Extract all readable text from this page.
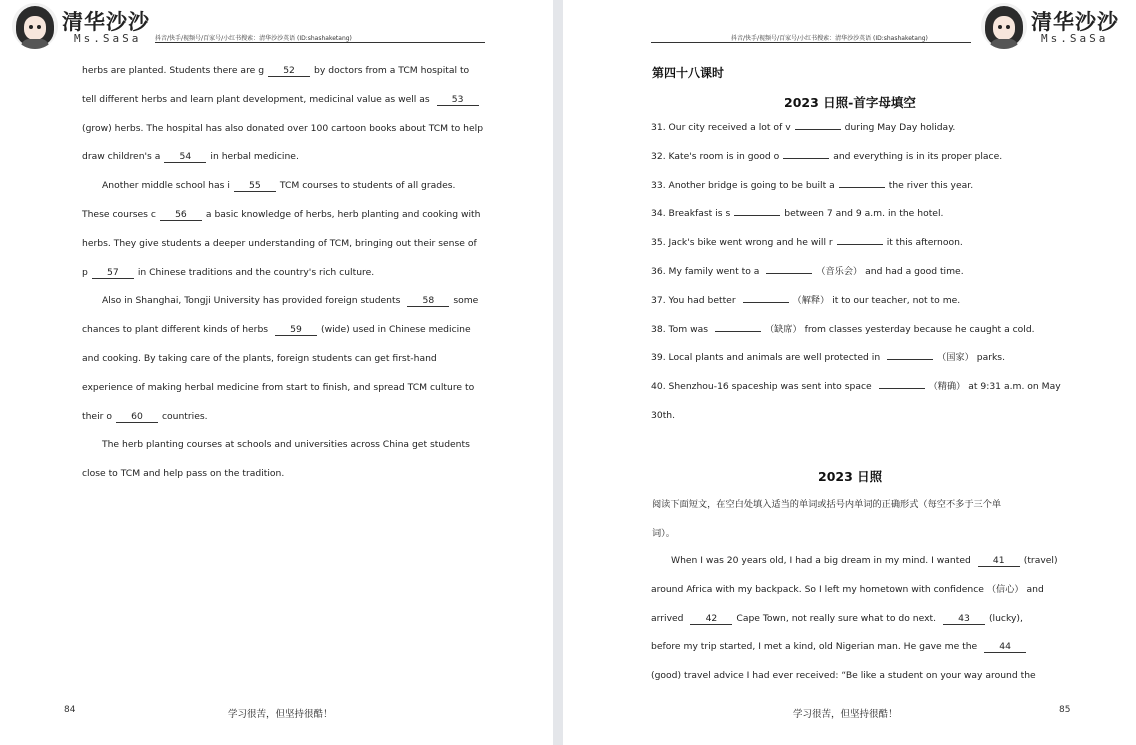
清华沙沙
Ms.SaSa 抖音/快手/视频号/百家号/小红书搜索：清华沙沙英语 (ID:shashaketang)
herbs are planted. Students there are g 52 by doctors from a TCM hospital to
tell different herbs and learn plant development, medicinal value as well as 53
(grow) herbs. The hospital has also donated over 100 cartoon books about TCM to help
draw children's a 54 in herbal medicine.
Another middle school has i 55 TCM courses to students of all grades.
These courses c 56 a basic knowledge of herbs, herb planting and cooking with
herbs. They give students a deeper understanding of TCM, bringing out their sense of
p 57 in Chinese traditions and the country's rich culture.
Also in Shanghai, Tongji University has provided foreign students 58 some
chances to plant different kinds of herbs 59 (wide) used in Chinese medicine
and cooking. By taking care of the plants, foreign students can get first-hand
experience of making herbal medicine from start to finish, and spread TCM culture to
their o 60 countries.
The herb planting courses at schools and universities across China get students
close to TCM and help pass on the tradition.
84	学习很苦，但坚持很酷！
抖音/快手/视频号/百家号/小红书搜索：清华沙沙英语 (ID:shashaketang)
清华沙沙
Ms.SaSa
第四十八课时
2023 日照-首字母填空
31. Our city received a lot of v	during May Day holiday.
32. Kate's room is in good o	and everything is in its proper place.
33. Another bridge is going to be built a	the river this year.
34. Breakfast is s	between 7 and 9 a.m. in the hotel.
35. Jack's bike went wrong and he will r	it this afternoon.
36. My family went to a	（音乐会） and had a good time.
37. You had better	（解释） it to our teacher, not to me.
38. Tom was	（缺席） from classes yesterday because he caught a cold.
39. Local plants and animals are well protected in	（国家） parks.
40. Shenzhou-16 spaceship was sent into space	（精确） at 9:31 a.m. on May
30th.
2023 日照
阅读下面短文，在空白处填入适当的单词或括号内单词的正确形式（每空不多于三个单
词）。
When I was 20 years old, I had a big dream in my mind. I wanted 41 (travel)
around Africa with my backpack. So I left my hometown with confidence （信心） and
arrived 42 Cape Town, not really sure what to do next. 43 (lucky),
before my trip started, I met a kind, old Nigerian man. He gave me the 44
(good) travel advice I had ever received: “Be like a student on your way around the
学习很苦，但坚持很酷！	85
